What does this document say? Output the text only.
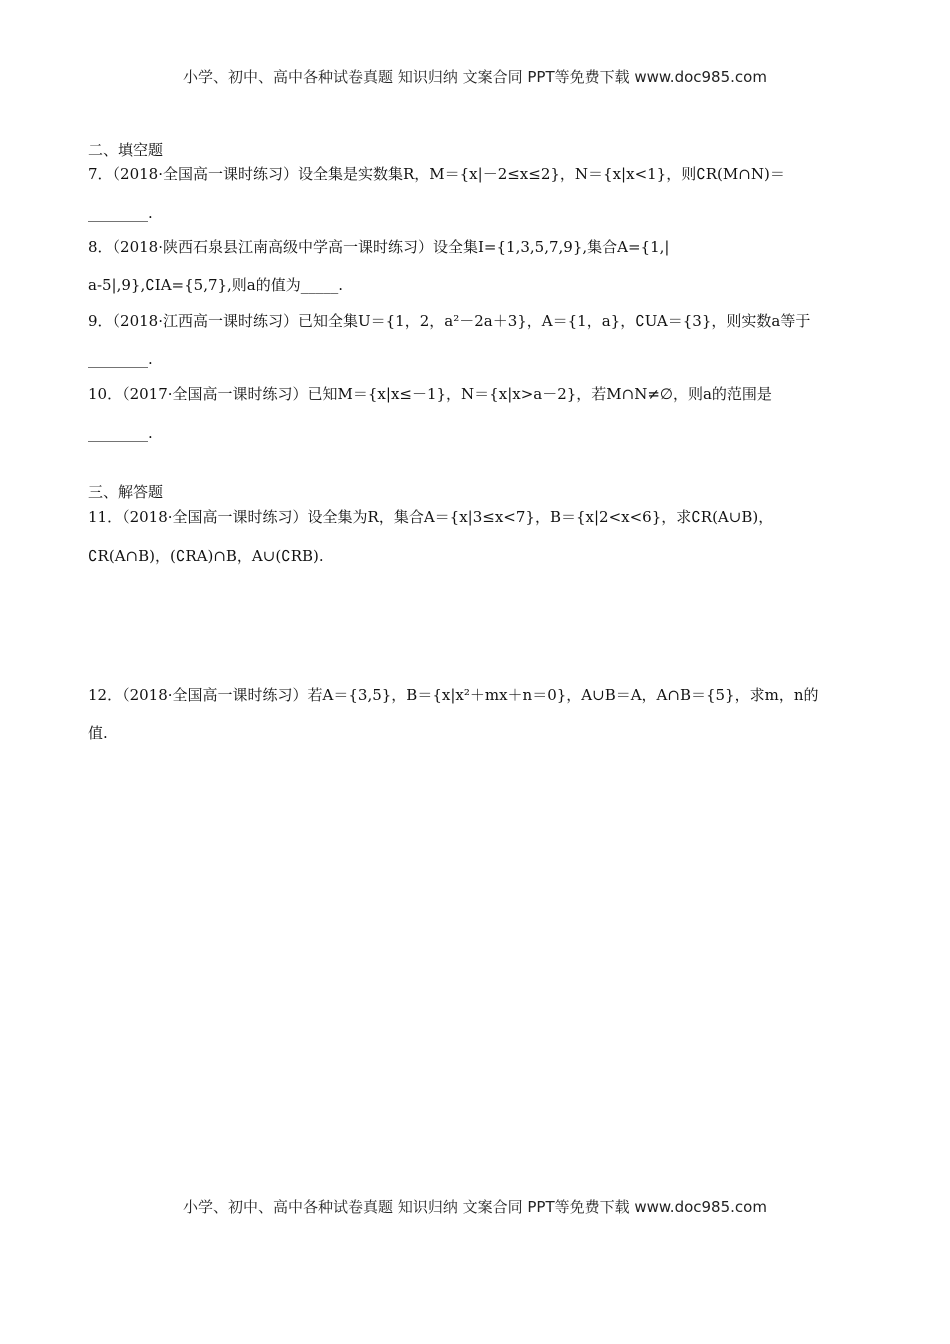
小学、初中、高中各种试卷真题 知识归纳 文案合同 PPT等免费下载 www.doc985.com
二、填空题
7．（2018·全国高一课时练习）设全集是实数集R，M＝{x|－2≤x≤2}，N＝{x|x<1}，则∁R(M∩N)＝
________.
8．（2018·陕西石泉县江南高级中学高一课时练习）设全集I={1,3,5,7,9},集合A={1,|
a-5|,9},∁IA={5,7},则a的值为_____.
9．（2018·江西高一课时练习）已知全集U＝{1，2，a²－2a＋3}，A＝{1，a}，∁UA＝{3}，则实数a等于
________.
10．（2017·全国高一课时练习）已知M＝{x|x≤－1}，N＝{x|x>a－2}，若M∩N≠∅，则a的范围是
________.
三、解答题
11．（2018·全国高一课时练习）设全集为R，集合A＝{x|3≤x<7}，B＝{x|2<x<6}，求∁R(A∪B)，
∁R(A∩B)，(∁RA)∩B，A∪(∁RB).
12．（2018·全国高一课时练习）若A＝{3,5}，B＝{x|x²＋mx＋n＝0}，A∪B＝A，A∩B＝{5}，求m，n的
值.
小学、初中、高中各种试卷真题 知识归纳 文案合同 PPT等免费下载 www.doc985.com
